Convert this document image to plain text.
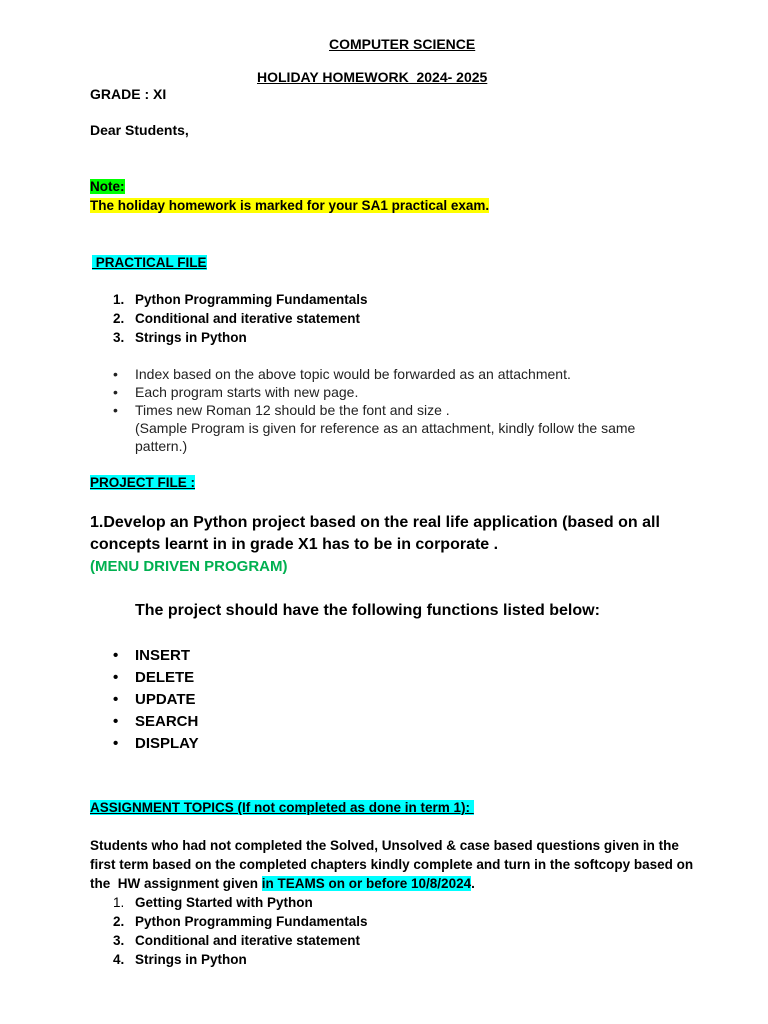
COMPUTER SCIENCE
HOLIDAY HOMEWORK  2024- 2025
GRADE : XI
Dear Students,
Note:
The holiday homework is marked for your SA1 practical exam.
PRACTICAL FILE
1. Python Programming Fundamentals
2. Conditional and iterative statement
3. Strings in Python
• Index based on the above topic would be forwarded as an attachment.
• Each program starts with new page.
• Times new Roman 12 should be the font and size .
(Sample Program is given for reference as an attachment, kindly follow the same
pattern.)
PROJECT FILE :
1.Develop an Python project based on the real life application (based on all
concepts learnt in in grade X1 has to be in corporate .
(MENU DRIVEN PROGRAM)
The project should have the following functions listed below:
• INSERT
• DELETE
• UPDATE
• SEARCH
• DISPLAY
ASSIGNMENT TOPICS (If not completed as done in term 1):
Students who had not completed the Solved, Unsolved & case based questions given in the
first term based on the completed chapters kindly complete and turn in the softcopy based on
the  HW assignment given in TEAMS on or before 10/8/2024.
1. Getting Started with Python
2. Python Programming Fundamentals
3. Conditional and iterative statement
4. Strings in Python
